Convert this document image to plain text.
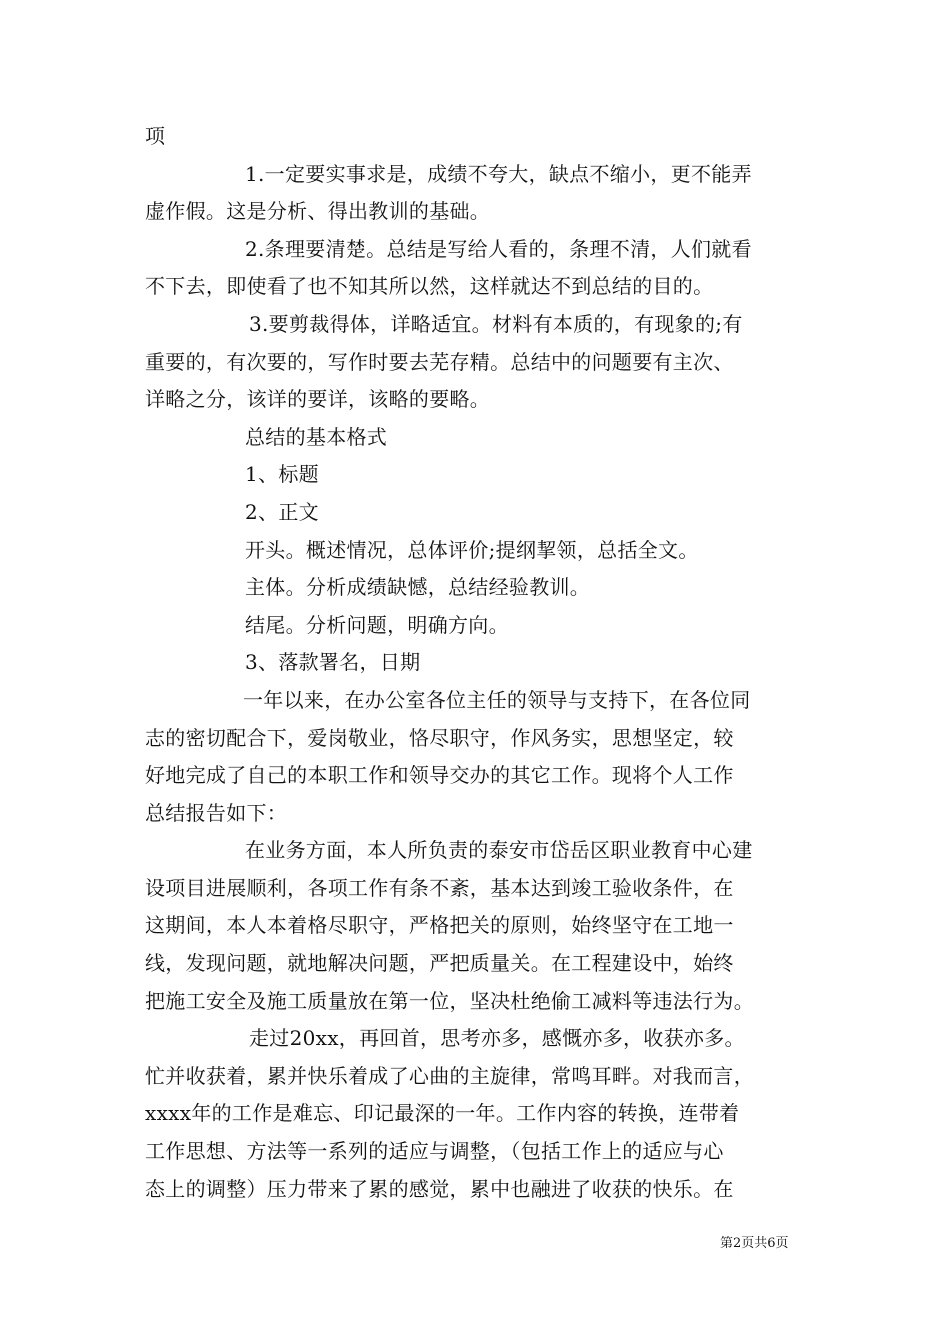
项
1.一定要实事求是，成绩不夸大，缺点不缩小，更不能弄
虚作假。这是分析、得出教训的基础。
2.条理要清楚。总结是写给人看的，条理不清，人们就看
不下去，即使看了也不知其所以然，这样就达不到总结的目的。
3.要剪裁得体，详略适宜。材料有本质的，有现象的;有
重要的，有次要的，写作时要去芜存精。总结中的问题要有主次、
详略之分，该详的要详，该略的要略。
总结的基本格式
1、标题
2、正文
开头。概述情况，总体评价;提纲挈领，总括全文。
主体。分析成绩缺憾，总结经验教训。
结尾。分析问题，明确方向。
3、落款署名，日期
一年以来，在办公室各位主任的领导与支持下，在各位同
志的密切配合下，爱岗敬业，恪尽职守，作风务实，思想坚定，较
好地完成了自己的本职工作和领导交办的其它工作。现将个人工作
总结报告如下：
在业务方面，本人所负责的泰安市岱岳区职业教育中心建
设项目进展顺利，各项工作有条不紊，基本达到竣工验收条件，在
这期间，本人本着格尽职守，严格把关的原则，始终坚守在工地一
线，发现问题，就地解决问题，严把质量关。在工程建设中，始终
把施工安全及施工质量放在第一位，坚决杜绝偷工减料等违法行为。
走过20xx，再回首，思考亦多，感慨亦多，收获亦多。
忙并收获着，累并快乐着成了心曲的主旋律，常鸣耳畔。对我而言，
xxxx年的工作是难忘、印记最深的一年。工作内容的转换，连带着
工作思想、方法等一系列的适应与调整，（包括工作上的适应与心
态上的调整）压力带来了累的感觉，累中也融进了收获的快乐。在
第2页共6页
